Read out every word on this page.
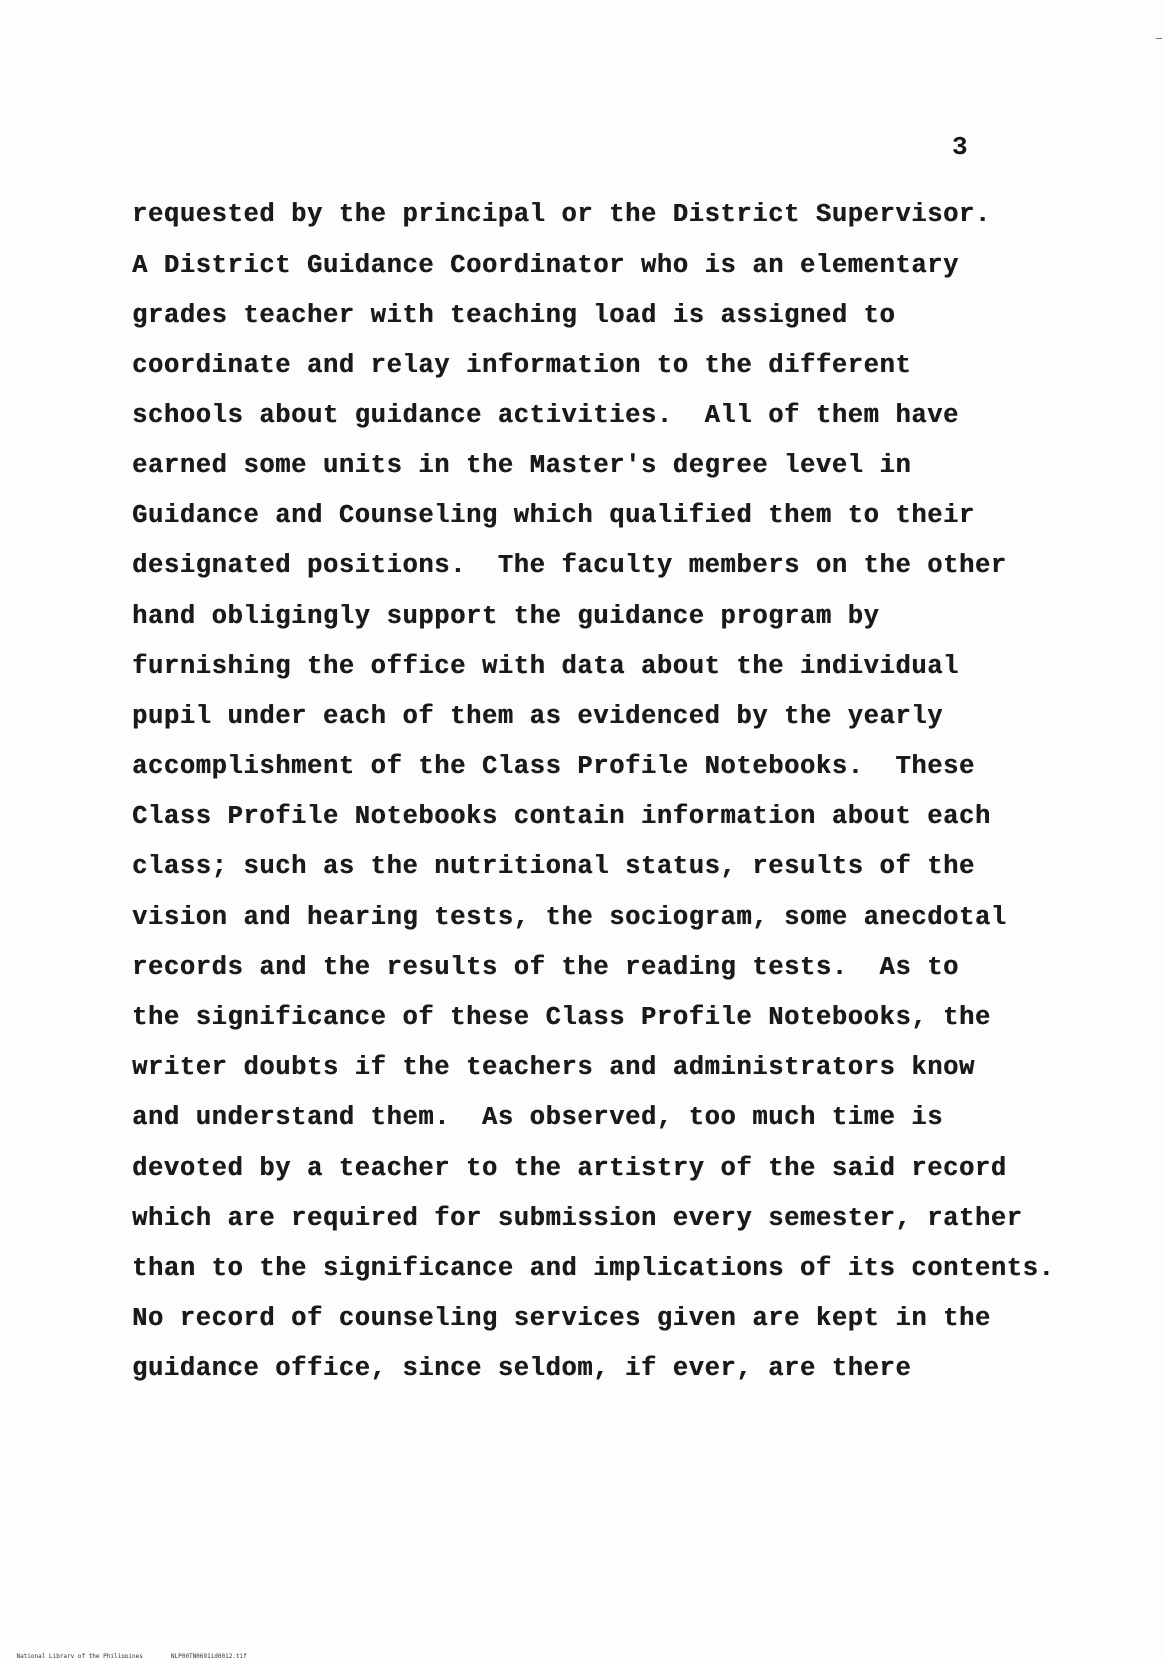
3
requested by the principal or the District Supervisor.
A District Guidance Coordinator who is an elementary
grades teacher with teaching load is assigned to
coordinate and relay information to the different
schools about guidance activities.  All of them have
earned some units in the Master's degree level in
Guidance and Counseling which qualified them to their
designated positions.  The faculty members on the other
hand obligingly support the guidance program by
furnishing the office with data about the individual
pupil under each of them as evidenced by the yearly
accomplishment of the Class Profile Notebooks.  These
Class Profile Notebooks contain information about each
class; such as the nutritional status, results of the
vision and hearing tests, the sociogram, some anecdotal
records and the results of the reading tests.  As to
the significance of these Class Profile Notebooks, the
writer doubts if the teachers and administrators know
and understand them.  As observed, too much time is
devoted by a teacher to the artistry of the said record
which are required for submission every semester, rather
than to the significance and implications of its contents.
No record of counseling services given are kept in the
guidance office, since seldom, if ever, are there

National Library of the Philippines	NLP00TN0691id0012.tif
